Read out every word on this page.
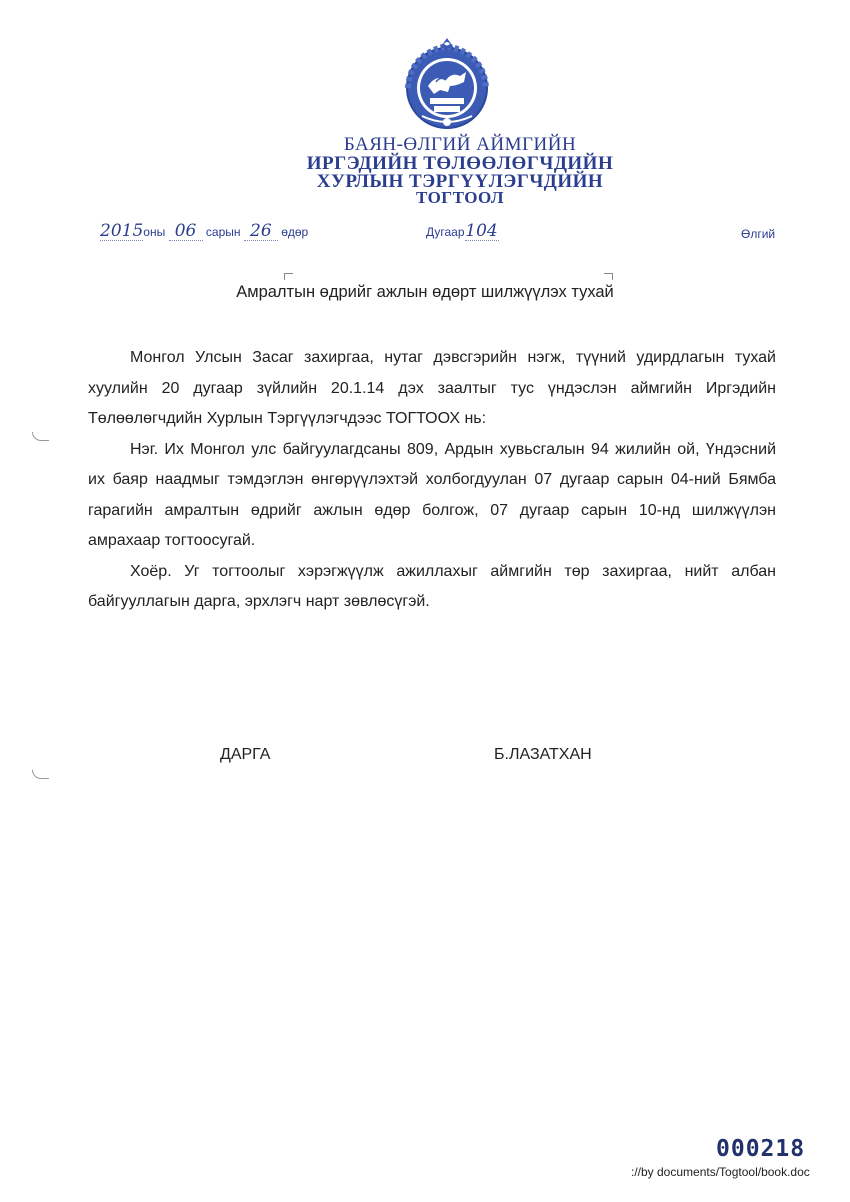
БАЯН-ӨЛГИЙ АЙМГИЙН
ИРГЭДИЙН ТӨЛӨӨЛӨГЧДИЙН
ХУРЛЫН ТЭРГҮҮЛЭГЧДИЙН
ТОГТООЛ
2015оны 06 сарын 26 өдөр	Дугаар104	Өлгий
Амралтын өдрийг ажлын өдөрт шилжүүлэх тухай

Монгол Улсын Засаг захиргаа, нутаг дэвсгэрийн нэгж, түүний удирдлагын тухай хуулийн 20 дугаар зүйлийн 20.1.14 дэх заалтыг тус үндэслэн аймгийн Иргэдийн Төлөөлөгчдийн Хурлын Тэргүүлэгчдээс ТОГТООХ нь:

Нэг. Их Монгол улс байгуулагдсаны 809, Ардын хувьсгалын 94 жилийн ой, Үндэсний их баяр наадмыг тэмдэглэн өнгөрүүлэхтэй холбогдуулан 07 дугаар сарын 04-ний Бямба гарагийн амралтын өдрийг ажлын өдөр болгож, 07 дугаар сарын 10-нд шилжүүлэн амрахаар тогтоосугай.

Хоёр. Уг тогтоолыг хэрэгжүүлж ажиллахыг аймгийн төр захиргаа, нийт албан байгууллагын дарга, эрхлэгч нарт зөвлөсүгэй.

ДАРГА	Б.ЛАЗАТХАН
000218
://by documents/Togtool/book.doc
